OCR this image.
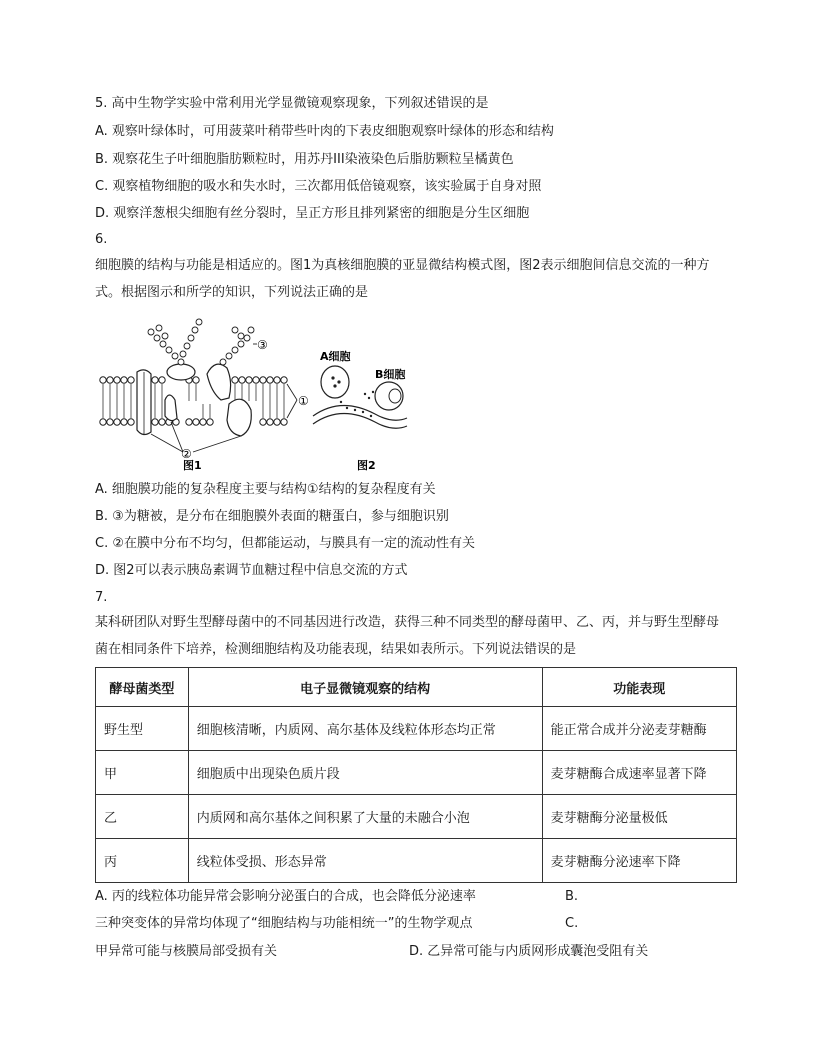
5. 高中生物学实验中常利用光学显微镜观察现象，下列叙述错误的是
A. 观察叶绿体时，可用菠菜叶稍带些叶肉的下表皮细胞观察叶绿体的形态和结构
B. 观察花生子叶细胞脂肪颗粒时，用苏丹III染液染色后脂肪颗粒呈橘黄色
C. 观察植物细胞的吸水和失水时，三次都用低倍镜观察，该实验属于自身对照
D. 观察洋葱根尖细胞有丝分裂时，呈正方形且排列紧密的细胞是分生区细胞
6.
细胞膜的结构与功能是相适应的。图1为真核细胞膜的亚显微结构模式图，图2表示细胞间信息交流的一种方式。根据图示和所学的知识，下列说法正确的是
①
②
③
图1
A细胞
B细胞
图2
A. 细胞膜功能的复杂程度主要与结构①结构的复杂程度有关
B. ③为糖被，是分布在细胞膜外表面的糖蛋白，参与细胞识别
C. ②在膜中分布不均匀，但都能运动，与膜具有一定的流动性有关
D. 图2可以表示胰岛素调节血糖过程中信息交流的方式
7.
某科研团队对野生型酵母菌中的不同基因进行改造，获得三种不同类型的酵母菌甲、乙、丙，并与野生型酵母菌在相同条件下培养，检测细胞结构及功能表现，结果如表所示。下列说法错误的是
酵母菌类型	电子显微镜观察的结构	功能表现
野生型	细胞核清晰，内质网、高尔基体及线粒体形态均正常	能正常合成并分泌麦芽糖酶
甲	细胞质中出现染色质片段	麦芽糖酶合成速率显著下降
乙	内质网和高尔基体之间积累了大量的未融合小泡	麦芽糖酶分泌量极低
丙	线粒体受损、形态异常	麦芽糖酶分泌速率下降
A. 丙的线粒体功能异常会影响分泌蛋白的合成，也会降低分泌速率	B.
三种突变体的异常均体现了“细胞结构与功能相统一”的生物学观点	C.
甲异常可能与核膜局部受损有关	D. 乙异常可能与内质网形成囊泡受阻有关
